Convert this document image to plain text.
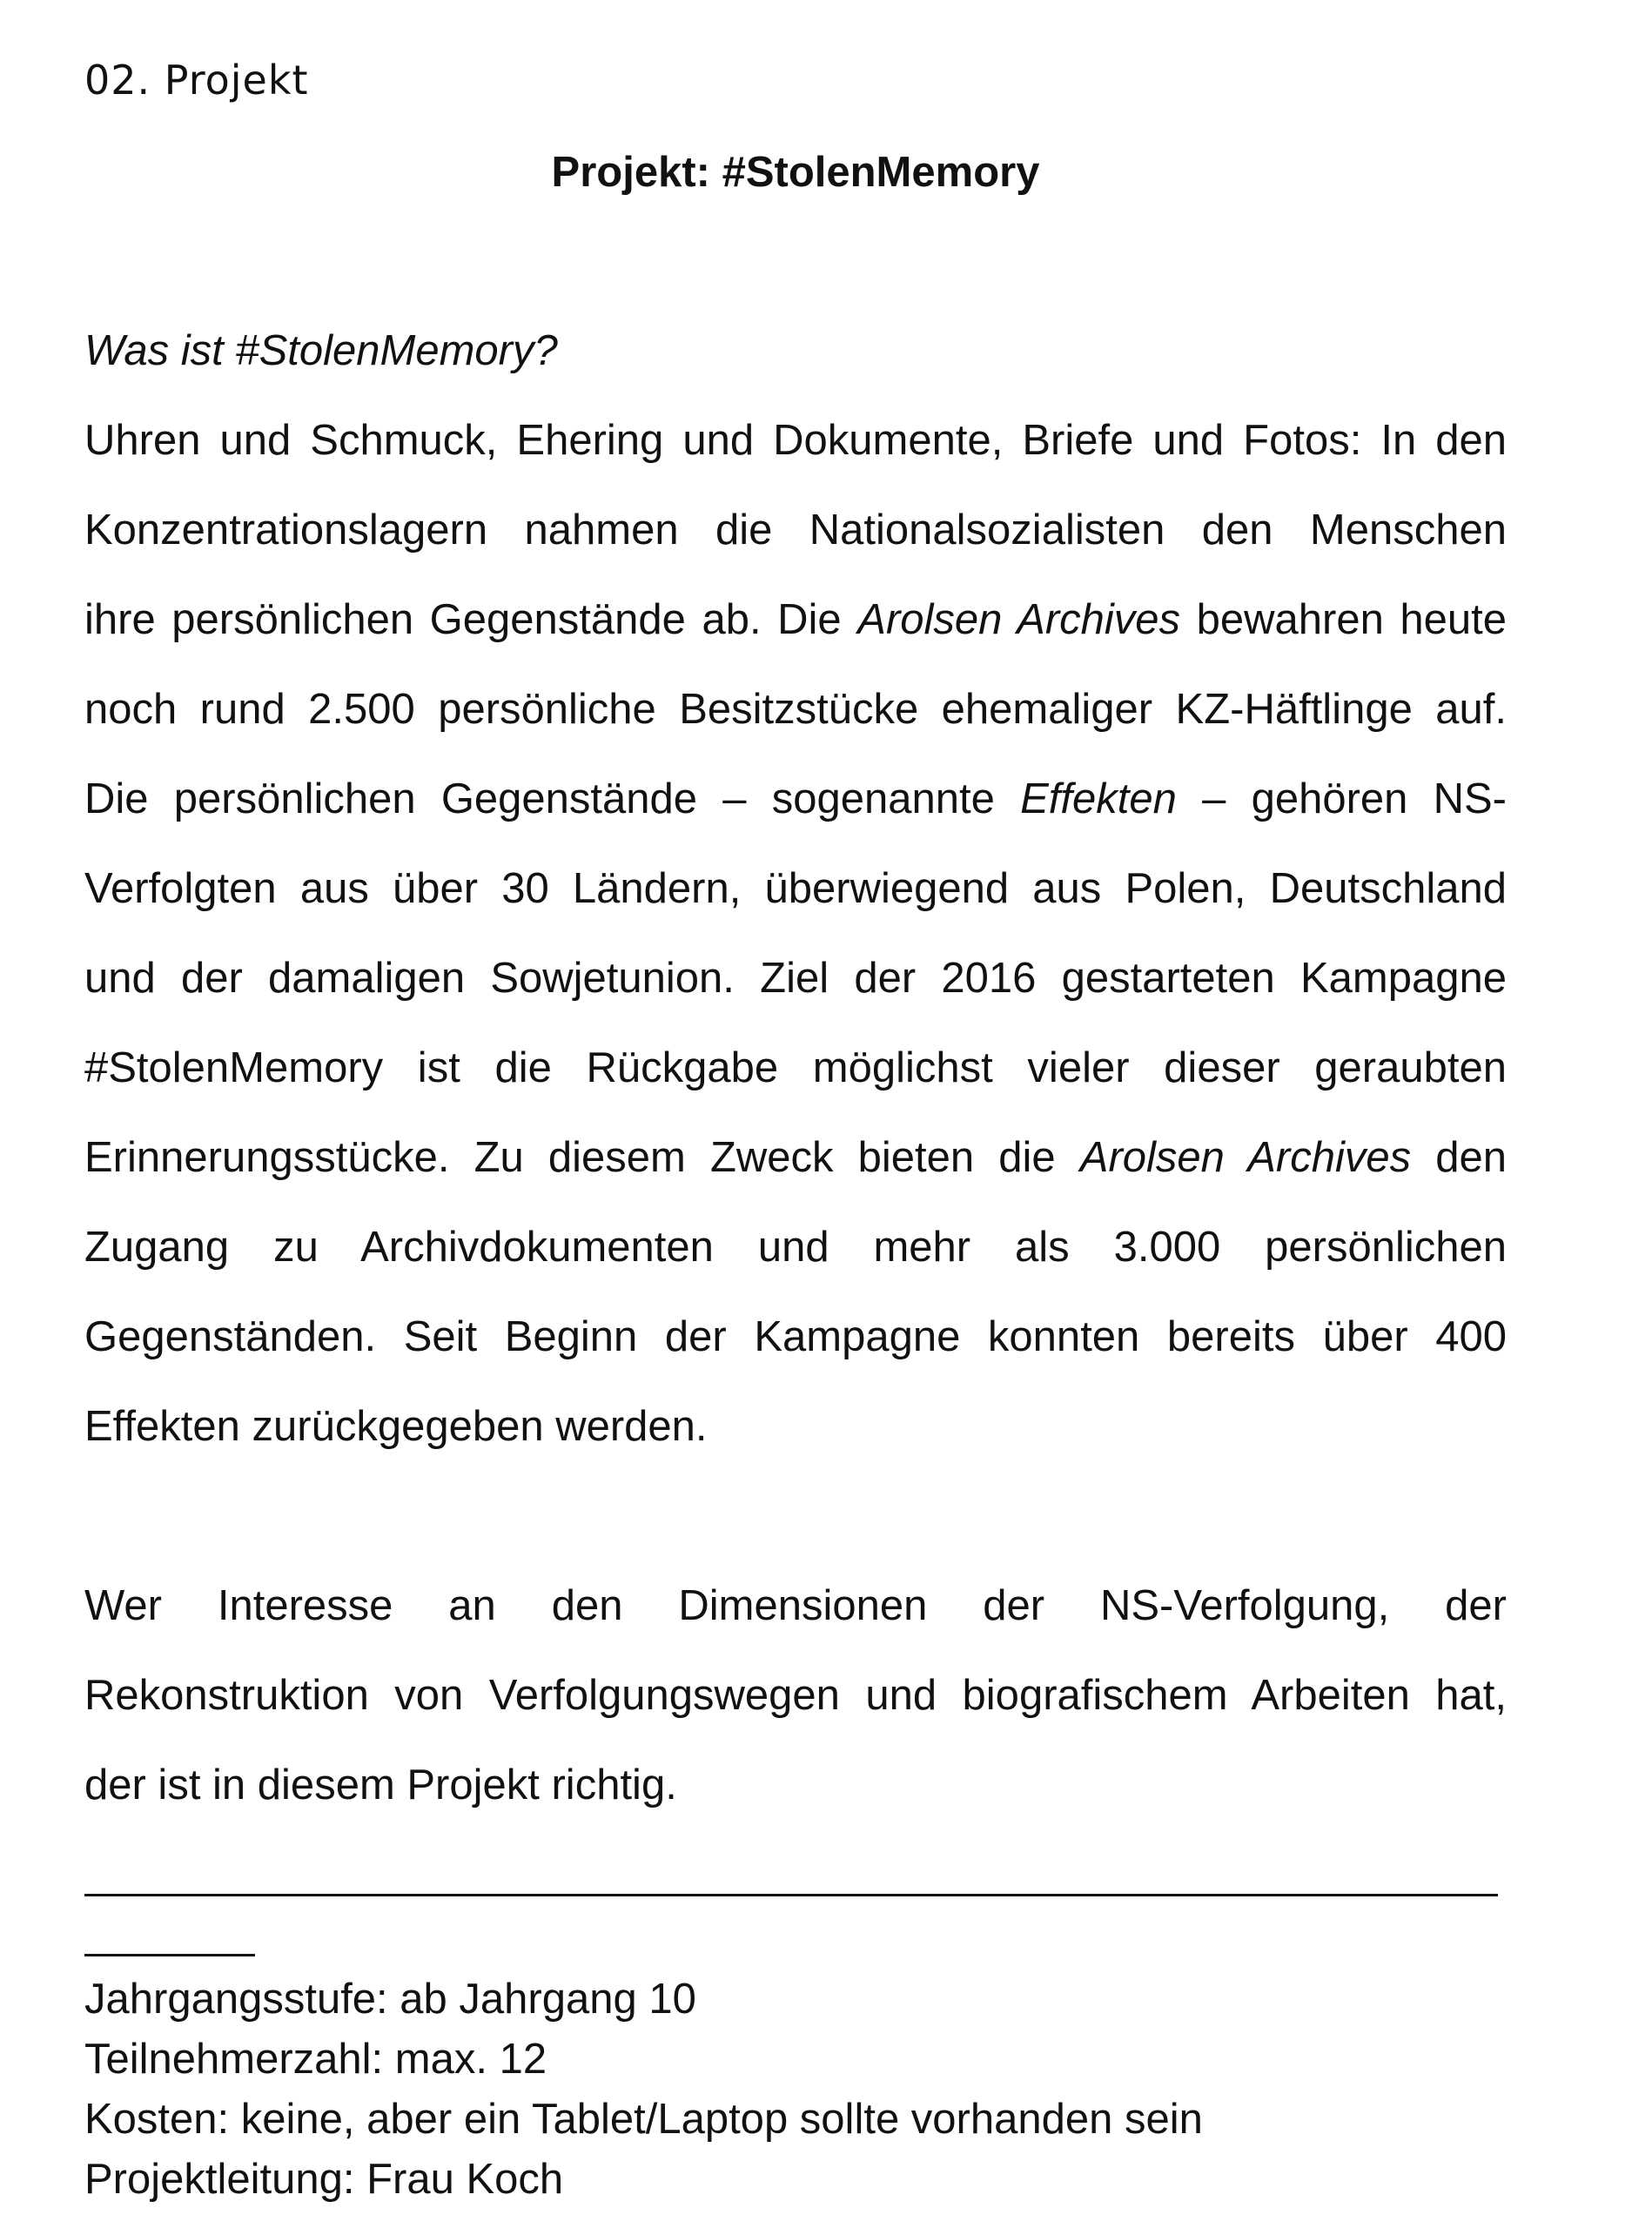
02. Projekt
Projekt: #StolenMemory
Was ist #StolenMemory?
Uhren und Schmuck, Ehering und Dokumente, Briefe und Fotos: In den
Konzentrationslagern nahmen die Nationalsozialisten den Menschen
ihre persönlichen Gegenstände ab. Die Arolsen Archives bewahren heute
noch rund 2.500 persönliche Besitzstücke ehemaliger KZ-Häftlinge auf.
Die persönlichen Gegenstände – sogenannte Effekten – gehören NS-
Verfolgten aus über 30 Ländern, überwiegend aus Polen, Deutschland
und der damaligen Sowjetunion. Ziel der 2016 gestarteten Kampagne
#StolenMemory ist die Rückgabe möglichst vieler dieser geraubten
Erinnerungsstücke. Zu diesem Zweck bieten die Arolsen Archives den
Zugang zu Archivdokumenten und mehr als 3.000 persönlichen
Gegenständen. Seit Beginn der Kampagne konnten bereits über 400
Effekten zurückgegeben werden.
Wer Interesse an den Dimensionen der NS-Verfolgung, der
Rekonstruktion von Verfolgungswegen und biografischem Arbeiten hat,
der ist in diesem Projekt richtig.
Jahrgangsstufe: ab Jahrgang 10
Teilnehmerzahl: max. 12
Kosten: keine, aber ein Tablet/Laptop sollte vorhanden sein
Projektleitung: Frau Koch
